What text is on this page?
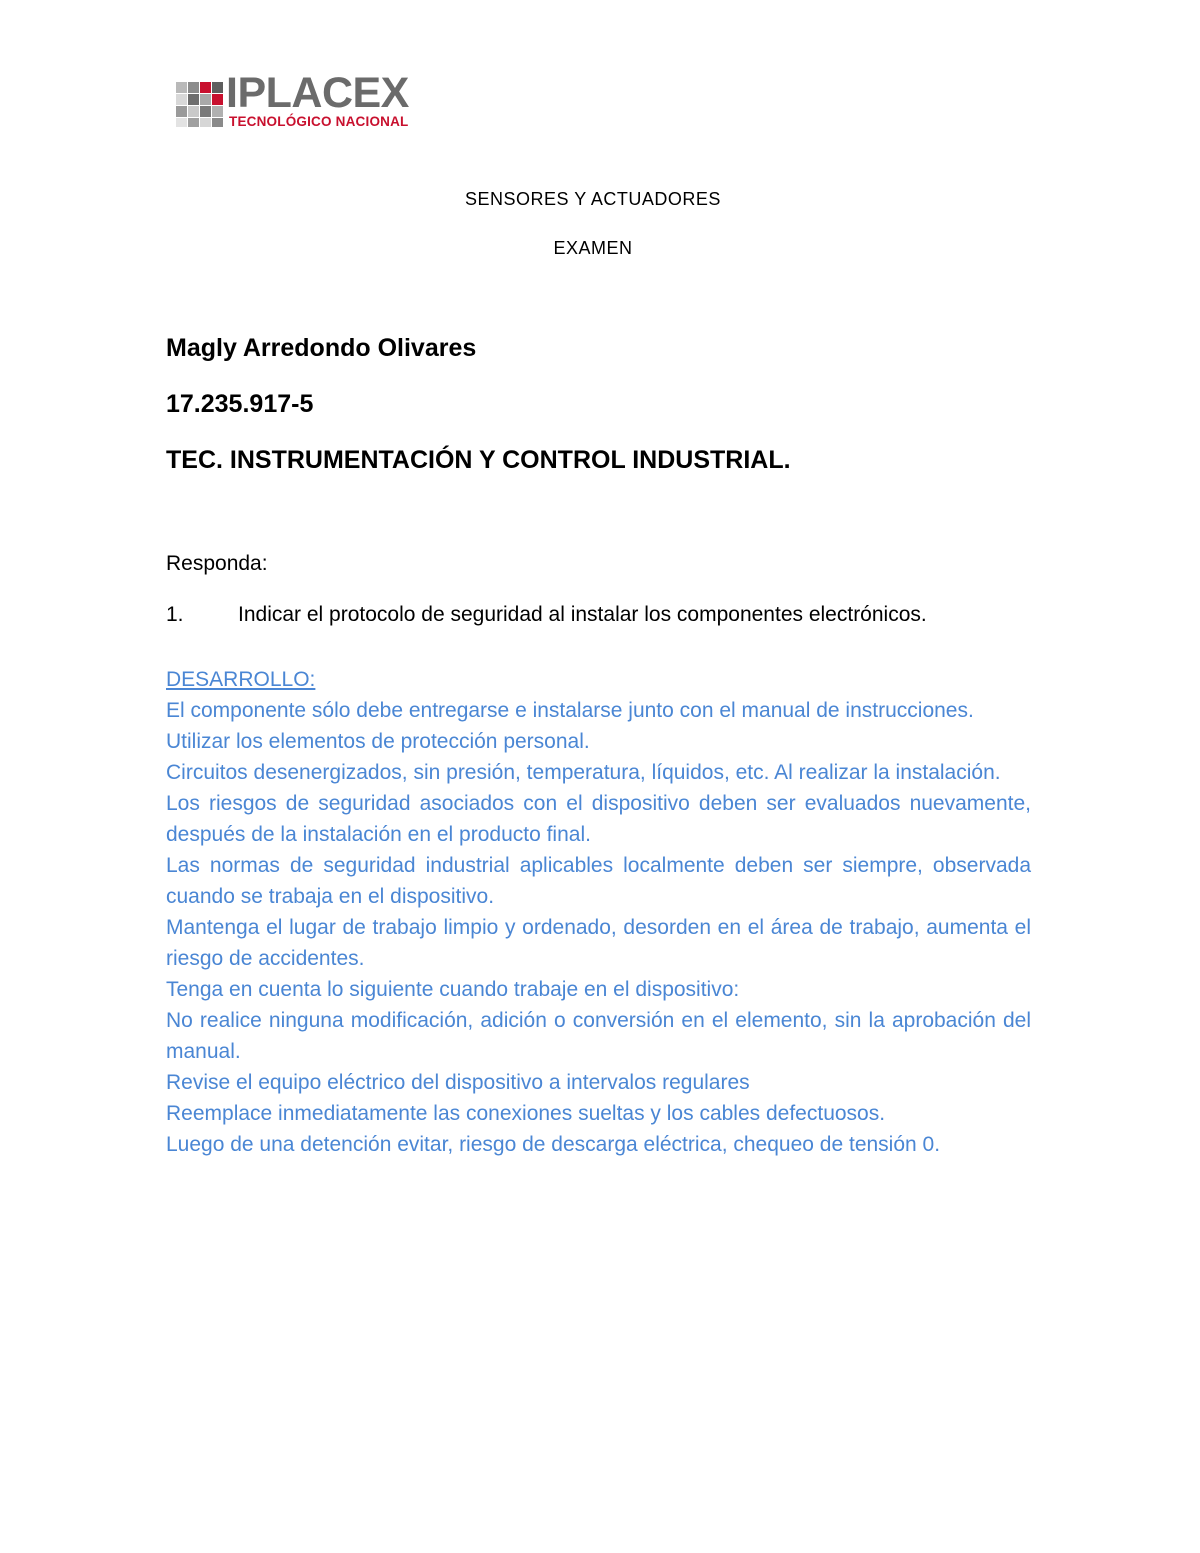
IPLACEX
TECNOLÓGICO NACIONAL
SENSORES Y ACTUADORES
EXAMEN
Magly Arredondo Olivares
17.235.917-5
TEC. INSTRUMENTACIÓN Y CONTROL INDUSTRIAL.
Responda:
1.	Indicar el protocolo de seguridad al instalar los componentes electrónicos.
DESARROLLO:

El componente sólo debe entregarse e instalarse junto con el manual de instrucciones.

Utilizar los elementos de protección personal.

Circuitos desenergizados, sin presión, temperatura, líquidos, etc. Al realizar la instalación.

Los riesgos de seguridad asociados con el dispositivo deben ser evaluados nuevamente, después de la instalación en el producto final.

Las normas de seguridad industrial aplicables localmente deben ser siempre, observada cuando se trabaja en el dispositivo.

Mantenga el lugar de trabajo limpio y ordenado, desorden en el área de trabajo, aumenta el riesgo de accidentes.

Tenga en cuenta lo siguiente cuando trabaje en el dispositivo:

No realice ninguna modificación, adición o conversión en el elemento, sin la aprobación del manual.

Revise el equipo eléctrico del dispositivo a intervalos regulares

Reemplace inmediatamente las conexiones sueltas y los cables defectuosos.

Luego de una detención evitar, riesgo de descarga eléctrica, chequeo de tensión 0.
